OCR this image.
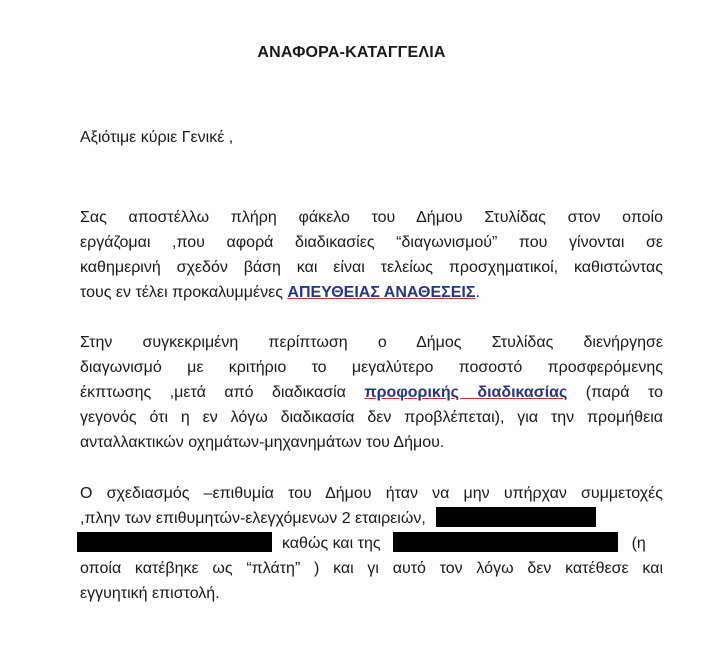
ΑΝΑΦΟΡΑ-ΚΑΤΑΓΓΕΛΙΑ
Αξιότιμε κύριε Γενικέ ,
Σας αποστέλλω πλήρη φάκελο του Δήμου Στυλίδας στον οποίο
εργάζομαι ,που αφορά διαδικασίες “διαγωνισμού” που γίνονται σε
καθημερινή σχεδόν βάση και είναι τελείως προσχηματικοί, καθιστώντας
τους εν τέλει προκαλυμμένες ΑΠΕΥΘΕΙΑΣ ΑΝΑΘΕΣΕΙΣ.
Στην συγκεκριμένη περίπτωση ο Δήμος Στυλίδας διενήργησε
διαγωνισμό με κριτήριο το μεγαλύτερο ποσοστό προσφερόμενης
έκπτωσης ,μετά από διαδικασία προφορικής διαδικασίας (παρά το
γεγονός ότι η εν λόγω διαδικασία δεν προβλέπεται), για την προμήθεια
ανταλλακτικών οχημάτων-μηχανημάτων του Δήμου.
Ο σχεδιασμός –επιθυμία του Δήμου ήταν να μην υπήρχαν συμμετοχές
,πλην των επιθυμητών-ελεγχόμενων 2 εταιρειών,
καθώς και της	(η
οποία κατέβηκε ως “πλάτη” ) και γι αυτό τον λόγω δεν κατέθεσε και
εγγυητική επιστολή.
